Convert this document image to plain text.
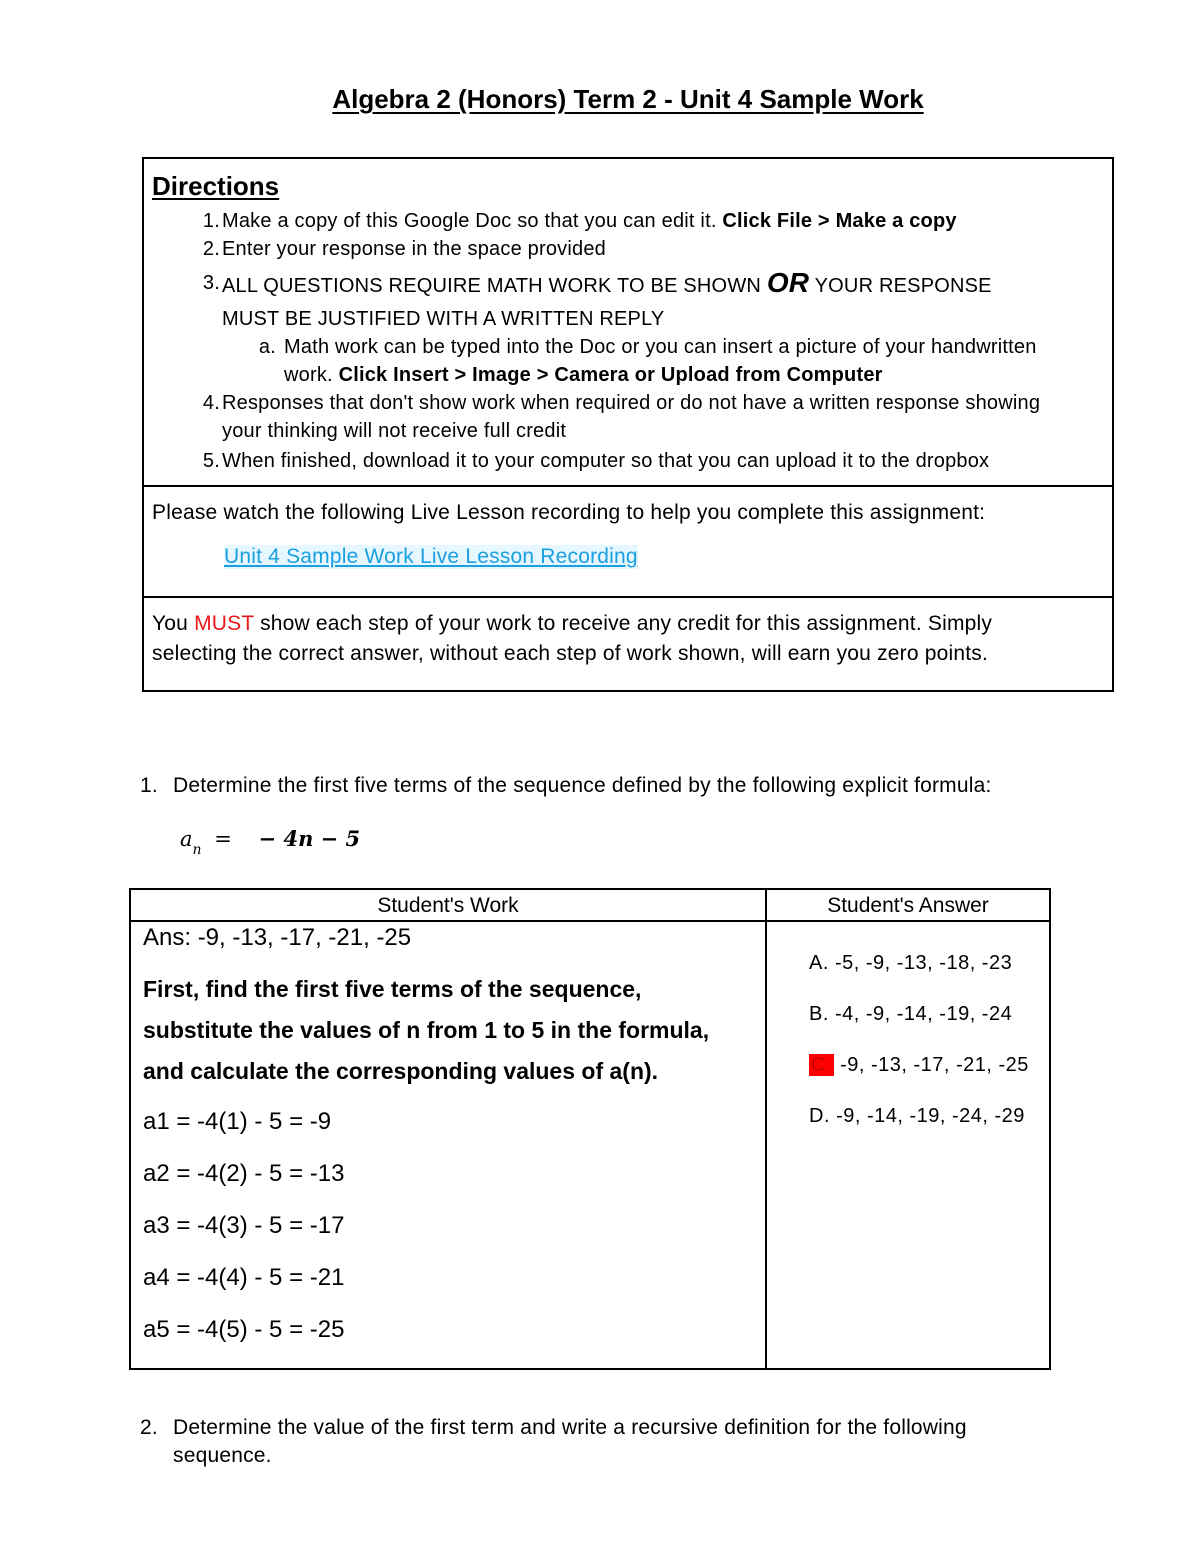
Algebra 2 (Honors) Term 2 - Unit 4 Sample Work
Directions
1. Make a copy of this Google Doc so that you can edit it. Click File > Make a copy
2. Enter your response in the space provided
3. ALL QUESTIONS REQUIRE MATH WORK TO BE SHOWN OR YOUR RESPONSE
MUST BE JUSTIFIED WITH A WRITTEN REPLY
a. Math work can be typed into the Doc or you can insert a picture of your handwritten
work. Click Insert > Image > Camera or Upload from Computer
4. Responses that don't show work when required or do not have a written response showing
your thinking will not receive full credit
5. When finished, download it to your computer so that you can upload it to the dropbox
Please watch the following Live Lesson recording to help you complete this assignment:
Unit 4 Sample Work Live Lesson Recording
You MUST show each step of your work to receive any credit for this assignment. Simply
selecting the correct answer, without each step of work shown, will earn you zero points.
1. Determine the first five terms of the sequence defined by the following explicit formula:
$a_n$ = − 4n − 5
Student's Work	Student's Answer
Ans: -9, -13, -17, -21, -25
First, find the first five terms of the sequence,
substitute the values of n from 1 to 5 in the formula,
and calculate the corresponding values of a(n).
a1 = -4(1) - 5 = -9
a2 = -4(2) - 5 = -13
a3 = -4(3) - 5 = -17
a4 = -4(4) - 5 = -21
a5 = -4(5) - 5 = -25
A. -5, -9, -13, -18, -23
B. -4, -9, -14, -19, -24
C. -9, -13, -17, -21, -25
D. -9, -14, -19, -24, -29
2. Determine the value of the first term and write a recursive definition for the following
sequence.
